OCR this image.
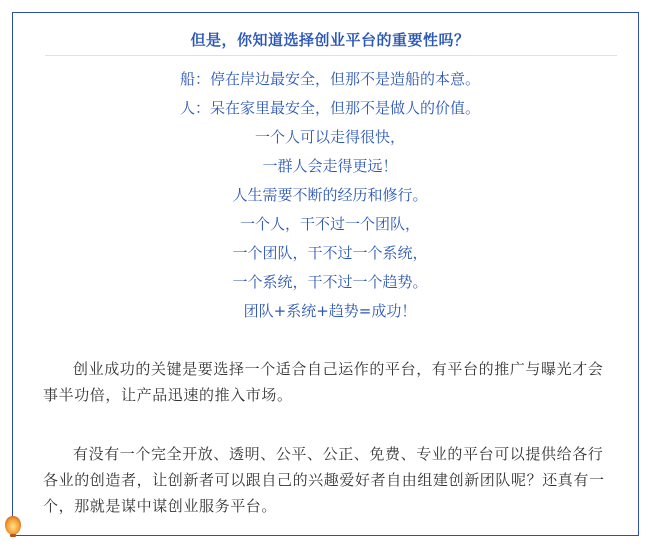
但是，你知道选择创业平台的重要性吗？
船：停在岸边最安全，但那不是造船的本意。
人：呆在家里最安全，但那不是做人的价值。
一个人可以走得很快，
一群人会走得更远！
人生需要不断的经历和修行。
一个人，干不过一个团队，
一个团队，干不过一个系统，
一个系统，干不过一个趋势。
团队+系统+趋势=成功！

创业成功的关键是要选择一个适合自己运作的平台，有平台的推广与曝光才会事半功倍，让产品迅速的推入市场。

有没有一个完全开放、透明、公平、公正、免费、专业的平台可以提供给各行各业的创造者，让创新者可以跟自己的兴趣爱好者自由组建创新团队呢？还真有一个，那就是谋中谋创业服务平台。
